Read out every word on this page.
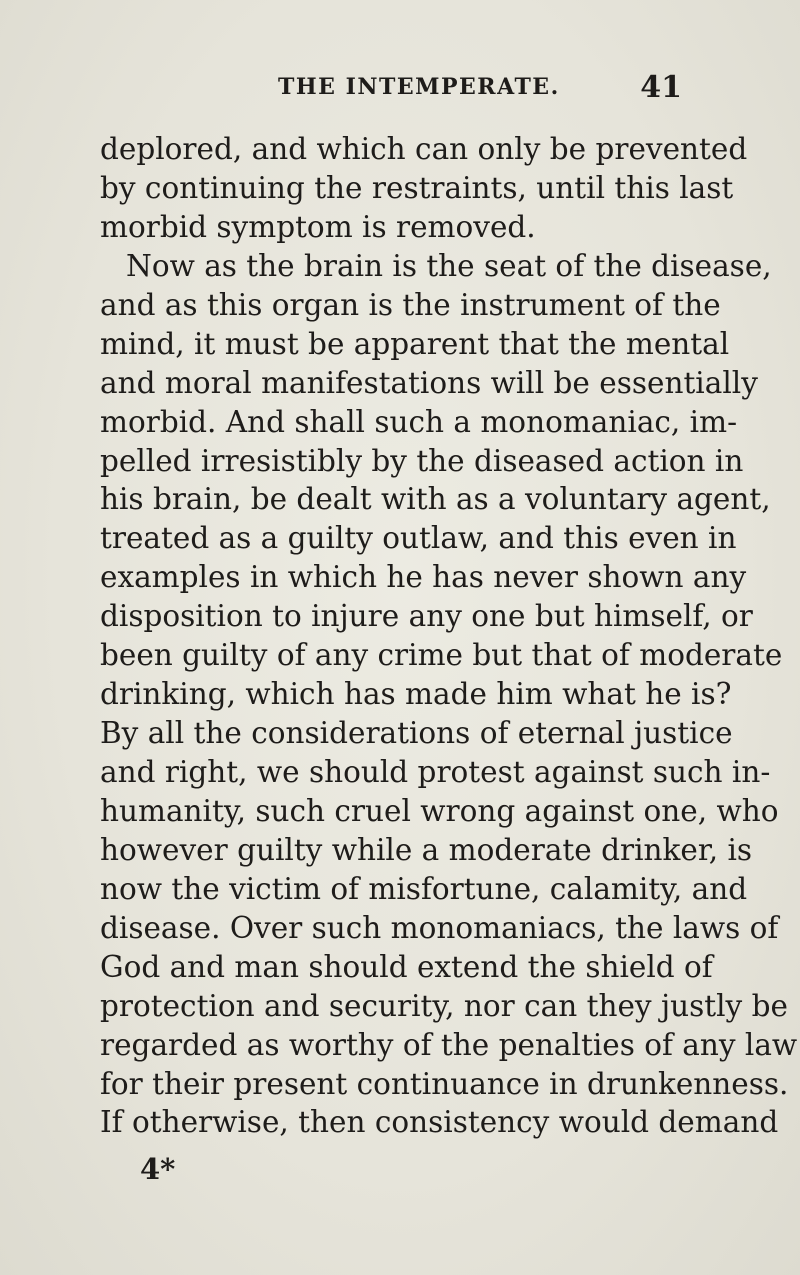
THE INTEMPERATE.	41
deplored, and which can only be prevented
by continuing the restraints, until this last
morbid symptom is removed.
Now as the brain is the seat of the disease,
and as this organ is the instrument of the
mind, it must be apparent that the mental
and moral manifestations will be essentially
morbid. And shall such a monomaniac, im-
pelled irresistibly by the diseased action in
his brain, be dealt with as a voluntary agent,
treated as a guilty outlaw, and this even in
examples in which he has never shown any
disposition to injure any one but himself, or
been guilty of any crime but that of moderate
drinking, which has made him what he is?
By all the considerations of eternal justice
and right, we should protest against such in-
humanity, such cruel wrong against one, who
however guilty while a moderate drinker, is
now the victim of misfortune, calamity, and
disease. Over such monomaniacs, the laws of
God and man should extend the shield of
protection and security, nor can they justly be
regarded as worthy of the penalties of any law
for their present continuance in drunkenness.
If otherwise, then consistency would demand
4*
